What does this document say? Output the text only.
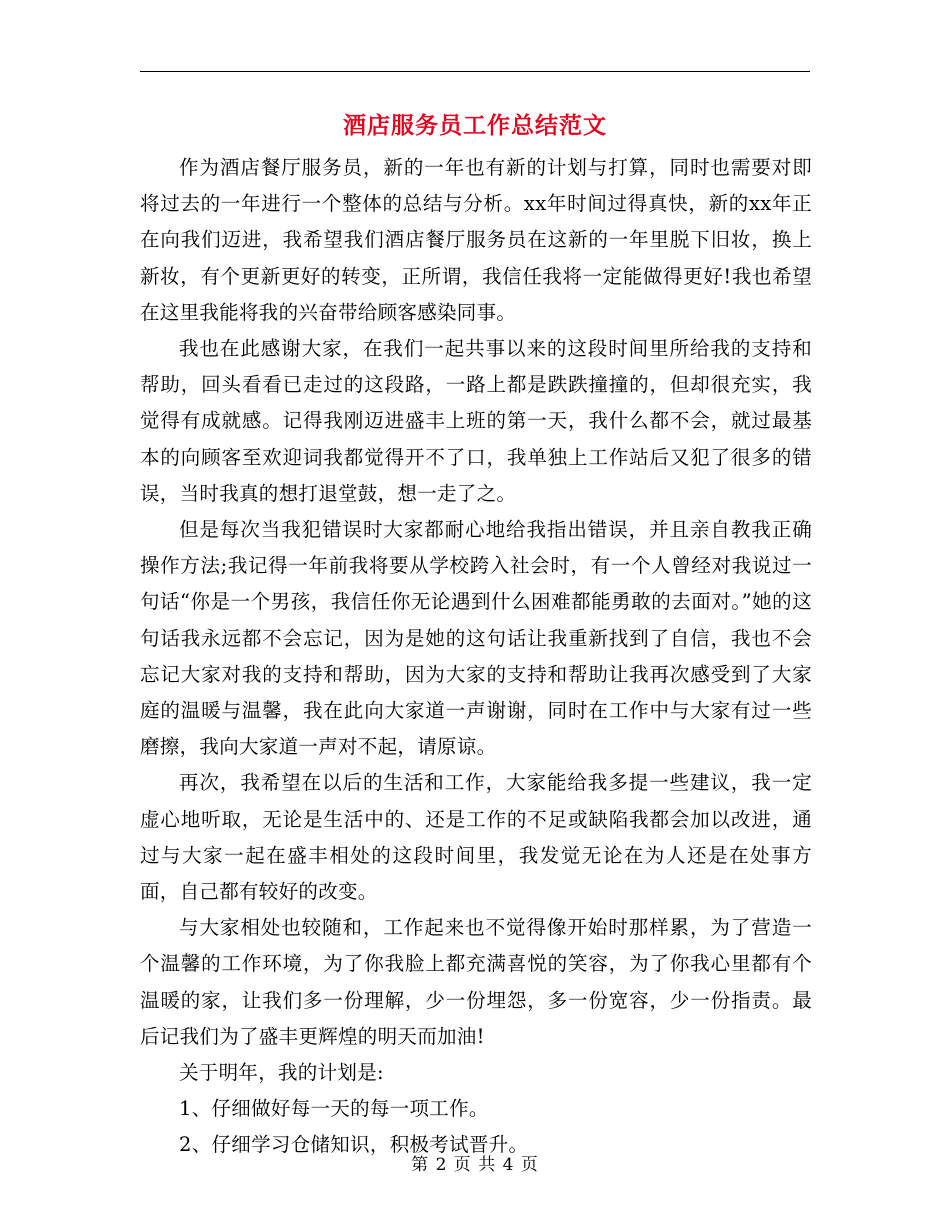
酒店服务员工作总结范文

作为酒店餐厅服务员，新的一年也有新的计划与打算，同时也需要对即将过去的一年进行一个整体的总结与分析。xx年时间过得真快，新的xx年正在向我们迈进，我希望我们酒店餐厅服务员在这新的一年里脱下旧妆，换上新妆，有个更新更好的转变，正所谓，我信任我将一定能做得更好!我也希望在这里我能将我的兴奋带给顾客感染同事。

我也在此感谢大家，在我们一起共事以来的这段时间里所给我的支持和帮助，回头看看已走过的这段路，一路上都是跌跌撞撞的，但却很充实，我觉得有成就感。记得我刚迈进盛丰上班的第一天，我什么都不会，就过最基本的向顾客至欢迎词我都觉得开不了口，我单独上工作站后又犯了很多的错误，当时我真的想打退堂鼓，想一走了之。

但是每次当我犯错误时大家都耐心地给我指出错误，并且亲自教我正确操作方法;我记得一年前我将要从学校跨入社会时，有一个人曾经对我说过一句话“你是一个男孩，我信任你无论遇到什么困难都能勇敢的去面对。”她的这句话我永远都不会忘记，因为是她的这句话让我重新找到了自信，我也不会忘记大家对我的支持和帮助，因为大家的支持和帮助让我再次感受到了大家庭的温暖与温馨，我在此向大家道一声谢谢，同时在工作中与大家有过一些磨擦，我向大家道一声对不起，请原谅。

再次，我希望在以后的生活和工作，大家能给我多提一些建议，我一定虚心地听取，无论是生活中的、还是工作的不足或缺陷我都会加以改进，通过与大家一起在盛丰相处的这段时间里，我发觉无论在为人还是在处事方面，自己都有较好的改变。

与大家相处也较随和，工作起来也不觉得像开始时那样累，为了营造一个温馨的工作环境，为了你我脸上都充满喜悦的笑容，为了你我心里都有个温暖的家，让我们多一份理解，少一份埋怨，多一份宽容，少一份指责。最后记我们为了盛丰更辉煌的明天而加油!

关于明年，我的计划是:

1、仔细做好每一天的每一项工作。

2、仔细学习仓储知识，积极考试晋升。

第 2 页 共 4 页
